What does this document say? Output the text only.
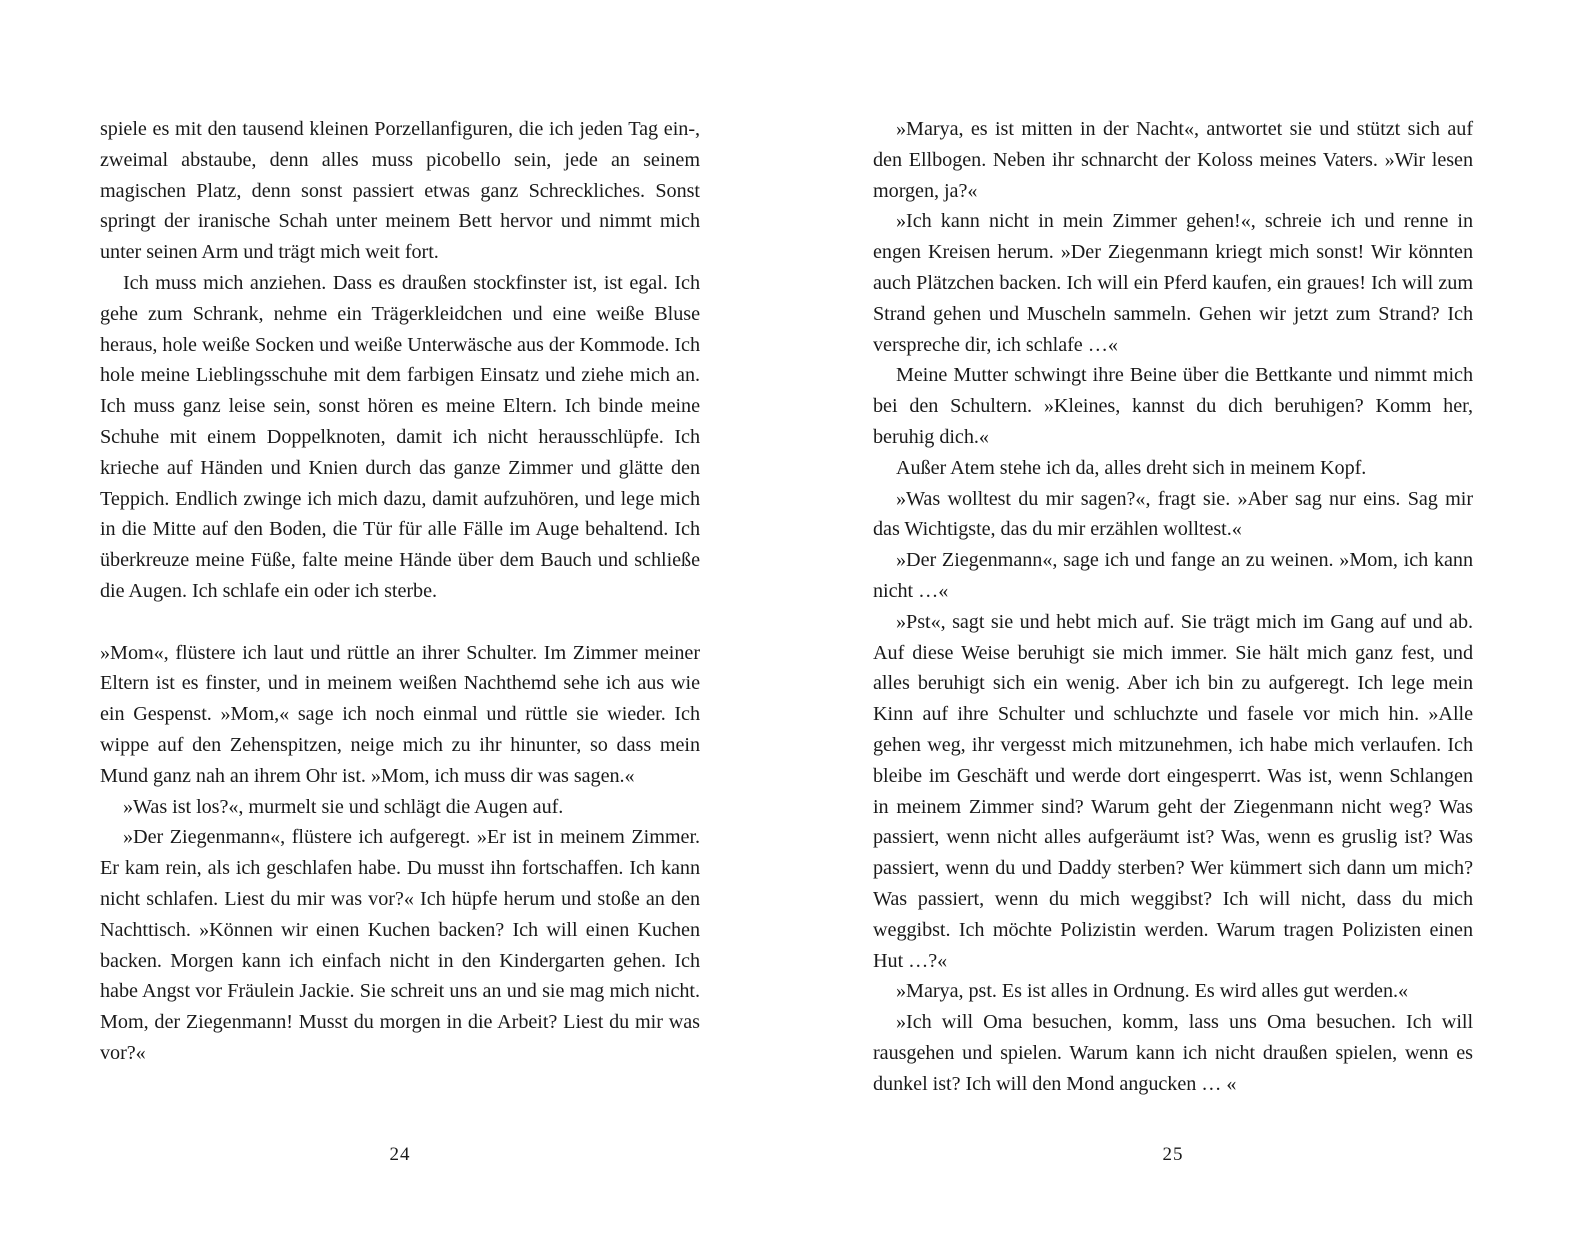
spiele es mit den tausend kleinen Porzellanfiguren, die ich jeden Tag ein-, zweimal abstaube, denn alles muss picobello sein, jede an seinem magischen Platz, denn sonst passiert etwas ganz Schreckliches. Sonst springt der iranische Schah unter meinem Bett hervor und nimmt mich unter seinen Arm und trägt mich weit fort.

Ich muss mich anziehen. Dass es draußen stockfinster ist, ist egal. Ich gehe zum Schrank, nehme ein Trägerkleidchen und eine weiße Bluse heraus, hole weiße Socken und weiße Unterwäsche aus der Kommode. Ich hole meine Lieblingsschuhe mit dem farbigen Einsatz und ziehe mich an. Ich muss ganz leise sein, sonst hören es meine Eltern. Ich binde meine Schuhe mit einem Doppelknoten, damit ich nicht herausschlüpfe. Ich krieche auf Händen und Knien durch das ganze Zimmer und glätte den Teppich. Endlich zwinge ich mich dazu, damit aufzuhören, und lege mich in die Mitte auf den Boden, die Tür für alle Fälle im Auge behaltend. Ich überkreuze meine Füße, falte meine Hände über dem Bauch und schließe die Augen. Ich schlafe ein oder ich sterbe.

»Mom«, flüstere ich laut und rüttle an ihrer Schulter. Im Zimmer meiner Eltern ist es finster, und in meinem weißen Nachthemd sehe ich aus wie ein Gespenst. »Mom,« sage ich noch einmal und rüttle sie wieder. Ich wippe auf den Zehenspitzen, neige mich zu ihr hinunter, so dass mein Mund ganz nah an ihrem Ohr ist. »Mom, ich muss dir was sagen.«

»Was ist los?«, murmelt sie und schlägt die Augen auf.

»Der Ziegenmann«, flüstere ich aufgeregt. »Er ist in meinem Zimmer. Er kam rein, als ich geschlafen habe. Du musst ihn fortschaffen. Ich kann nicht schlafen. Liest du mir was vor?« Ich hüpfe herum und stoße an den Nachttisch. »Können wir einen Kuchen backen? Ich will einen Kuchen backen. Morgen kann ich einfach nicht in den Kindergarten gehen. Ich habe Angst vor Fräulein Jackie. Sie schreit uns an und sie mag mich nicht. Mom, der Ziegenmann! Musst du morgen in die Arbeit? Liest du mir was vor?«

»Marya, es ist mitten in der Nacht«, antwortet sie und stützt sich auf den Ellbogen. Neben ihr schnarcht der Koloss meines Vaters. »Wir lesen morgen, ja?«

»Ich kann nicht in mein Zimmer gehen!«, schreie ich und renne in engen Kreisen herum. »Der Ziegenmann kriegt mich sonst! Wir könnten auch Plätzchen backen. Ich will ein Pferd kaufen, ein graues! Ich will zum Strand gehen und Muscheln sammeln. Gehen wir jetzt zum Strand? Ich verspreche dir, ich schlafe …«

Meine Mutter schwingt ihre Beine über die Bettkante und nimmt mich bei den Schultern. »Kleines, kannst du dich beruhigen? Komm her, beruhig dich.«

Außer Atem stehe ich da, alles dreht sich in meinem Kopf.

»Was wolltest du mir sagen?«, fragt sie. »Aber sag nur eins. Sag mir das Wichtigste, das du mir erzählen wolltest.«

»Der Ziegenmann«, sage ich und fange an zu weinen. »Mom, ich kann nicht …«

»Pst«, sagt sie und hebt mich auf. Sie trägt mich im Gang auf und ab. Auf diese Weise beruhigt sie mich immer. Sie hält mich ganz fest, und alles beruhigt sich ein wenig. Aber ich bin zu aufgeregt. Ich lege mein Kinn auf ihre Schulter und schluchzte und fasele vor mich hin. »Alle gehen weg, ihr vergesst mich mitzunehmen, ich habe mich verlaufen. Ich bleibe im Geschäft und werde dort eingesperrt. Was ist, wenn Schlangen in meinem Zimmer sind? Warum geht der Ziegenmann nicht weg? Was passiert, wenn nicht alles aufgeräumt ist? Was, wenn es gruslig ist? Was passiert, wenn du und Daddy sterben? Wer kümmert sich dann um mich? Was passiert, wenn du mich weggibst? Ich will nicht, dass du mich weggibst. Ich möchte Polizistin werden. Warum tragen Polizisten einen Hut …?«

»Marya, pst. Es ist alles in Ordnung. Es wird alles gut werden.«

»Ich will Oma besuchen, komm, lass uns Oma besuchen. Ich will rausgehen und spielen. Warum kann ich nicht draußen spielen, wenn es dunkel ist? Ich will den Mond angucken … «

24	25
